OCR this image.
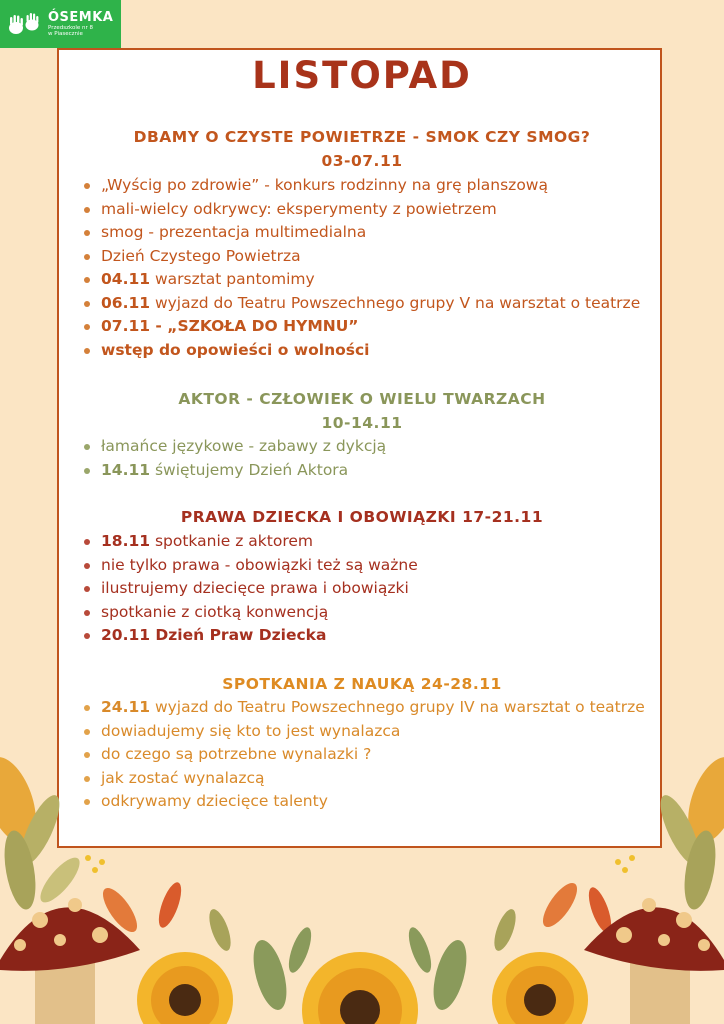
ÓSEMKA
Przedszkole nr 8
w Piasecznie
LISTOPAD
DBAMY O CZYSTE POWIETRZE - SMOK CZY SMOG?
03-07.11
„Wyścig po zdrowie” - konkurs rodzinny na grę planszową
mali-wielcy odkrywcy: eksperymenty z powietrzem
smog - prezentacja multimedialna
Dzień Czystego Powietrza
04.11 warsztat pantomimy
06.11 wyjazd do Teatru Powszechnego grupy V na warsztat o teatrze
07.11 - „SZKOŁA DO HYMNU”
wstęp do opowieści o wolności
AKTOR - CZŁOWIEK O WIELU TWARZACH
10-14.11
łamańce językowe - zabawy z dykcją
14.11 świętujemy Dzień Aktora
PRAWA DZIECKA I OBOWIĄZKI 17-21.11
18.11 spotkanie z aktorem
nie tylko prawa - obowiązki też są ważne
ilustrujemy dziecięce prawa i obowiązki
spotkanie z ciotką konwencją
20.11 Dzień Praw Dziecka
SPOTKANIA Z NAUKĄ 24-28.11
24.11 wyjazd do Teatru Powszechnego grupy IV na warsztat o teatrze
dowiadujemy się kto to jest wynalazca
do czego są potrzebne wynalazki ?
jak zostać wynalazcą
odkrywamy dziecięce talenty
